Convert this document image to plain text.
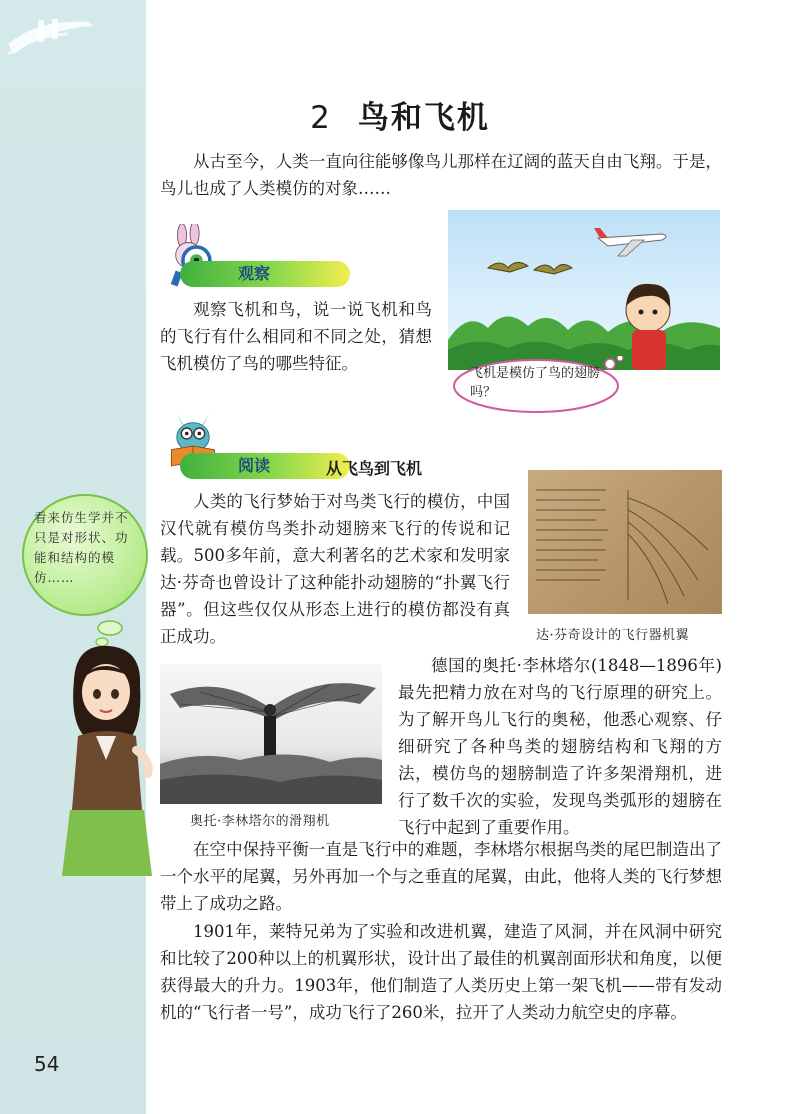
2 鸟和飞机

从古至今，人类一直向往能够像鸟儿那样在辽阔的蓝天自由飞翔。于是，鸟儿也成了人类模仿的对象……

观察

观察飞机和鸟，说一说飞机和鸟的飞行有什么相同和不同之处，猜想飞机模仿了鸟的哪些特征。

飞机是模仿了鸟的翅膀吗？
阅读	从飞鸟到飞机

人类的飞行梦始于对鸟类飞行的模仿，中国汉代就有模仿鸟类扑动翅膀来飞行的传说和记载。500多年前，意大利著名的艺术家和发明家达·芬奇也曾设计了这种能扑动翅膀的“扑翼飞行器”。但这些仅仅从形态上进行的模仿都没有真正成功。	达·芬奇设计的飞行器机翼
看来仿生学并不只是对形状、功能和结构的模仿……
奥托·李林塔尔的滑翔机

德国的奥托·李林塔尔(1848—1896年)最先把精力放在对鸟的飞行原理的研究上。为了解开鸟儿飞行的奥秘，他悉心观察、仔细研究了各种鸟类的翅膀结构和飞翔的方法，模仿鸟的翅膀制造了许多架滑翔机，进行了数千次的实验，发现鸟类弧形的翅膀在飞行中起到了重要作用。

在空中保持平衡一直是飞行中的难题，李林塔尔根据鸟类的尾巴制造出了一个水平的尾翼，另外再加一个与之垂直的尾翼，由此，他将人类的飞行梦想带上了成功之路。

1901年，莱特兄弟为了实验和改进机翼，建造了风洞，并在风洞中研究和比较了200种以上的机翼形状，设计出了最佳的机翼剖面形状和角度，以便获得最大的升力。1903年，他们制造了人类历史上第一架飞机——带有发动机的“飞行者一号”，成功飞行了260米，拉开了人类动力航空史的序幕。

54
